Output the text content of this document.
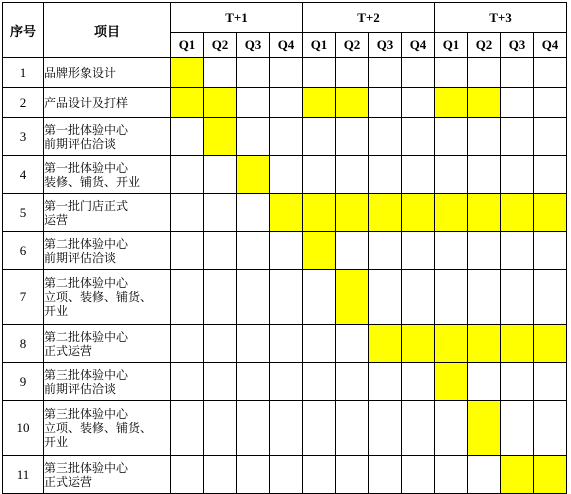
序号	项目	T+1				T+2				T+3			
		Q1	Q2	Q3	Q4	Q1	Q2	Q3	Q4	Q1	Q2	Q3	Q4
1	品牌形象设计												

2	产品设计及打样												

3	第一批体验中心
前期评估洽谈												

4	第一批体验中心
装修、铺货、开业												

5	第一批门店正式
运营												

6	第二批体验中心
前期评估洽谈												

7	第二批体验中心
立项、装修、铺货、
开业												

8	第二批体验中心
正式运营												

9	第三批体验中心
前期评估洽谈												

10	第三批体验中心
立项、装修、铺货、
开业												

11	第三批体验中心
正式运营												
